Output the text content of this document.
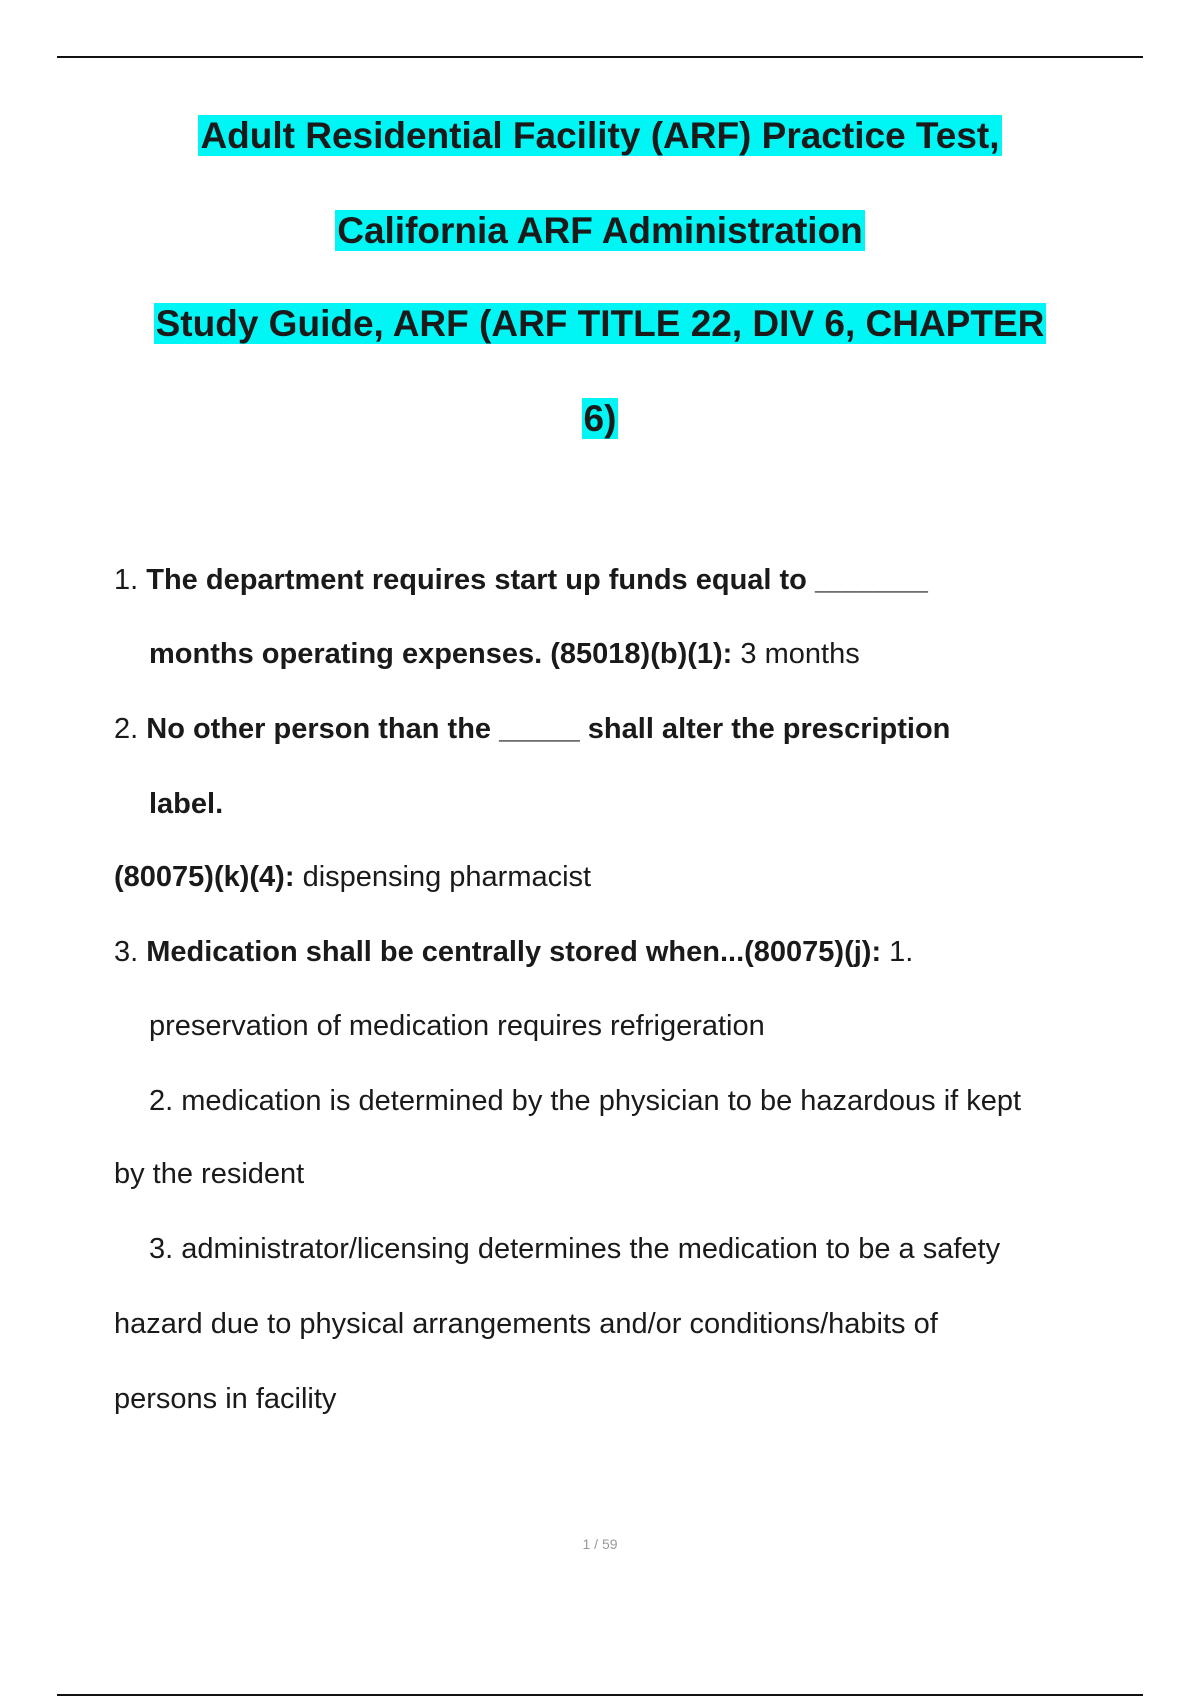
Adult Residential Facility (ARF) Practice Test,
California ARF Administration
Study Guide, ARF (ARF TITLE 22, DIV 6, CHAPTER
6)
1. The department requires start up funds equal to _______
months operating expenses. (85018)(b)(1): 3 months
2. No other person than the _____ shall alter the prescription
label.
(80075)(k)(4): dispensing pharmacist
3. Medication shall be centrally stored when...(80075)(j): 1.
preservation of medication requires refrigeration
2. medication is determined by the physician to be hazardous if kept
by the resident
3. administrator/licensing determines the medication to be a safety
hazard due to physical arrangements and/or conditions/habits of
persons in facility
1 / 59
